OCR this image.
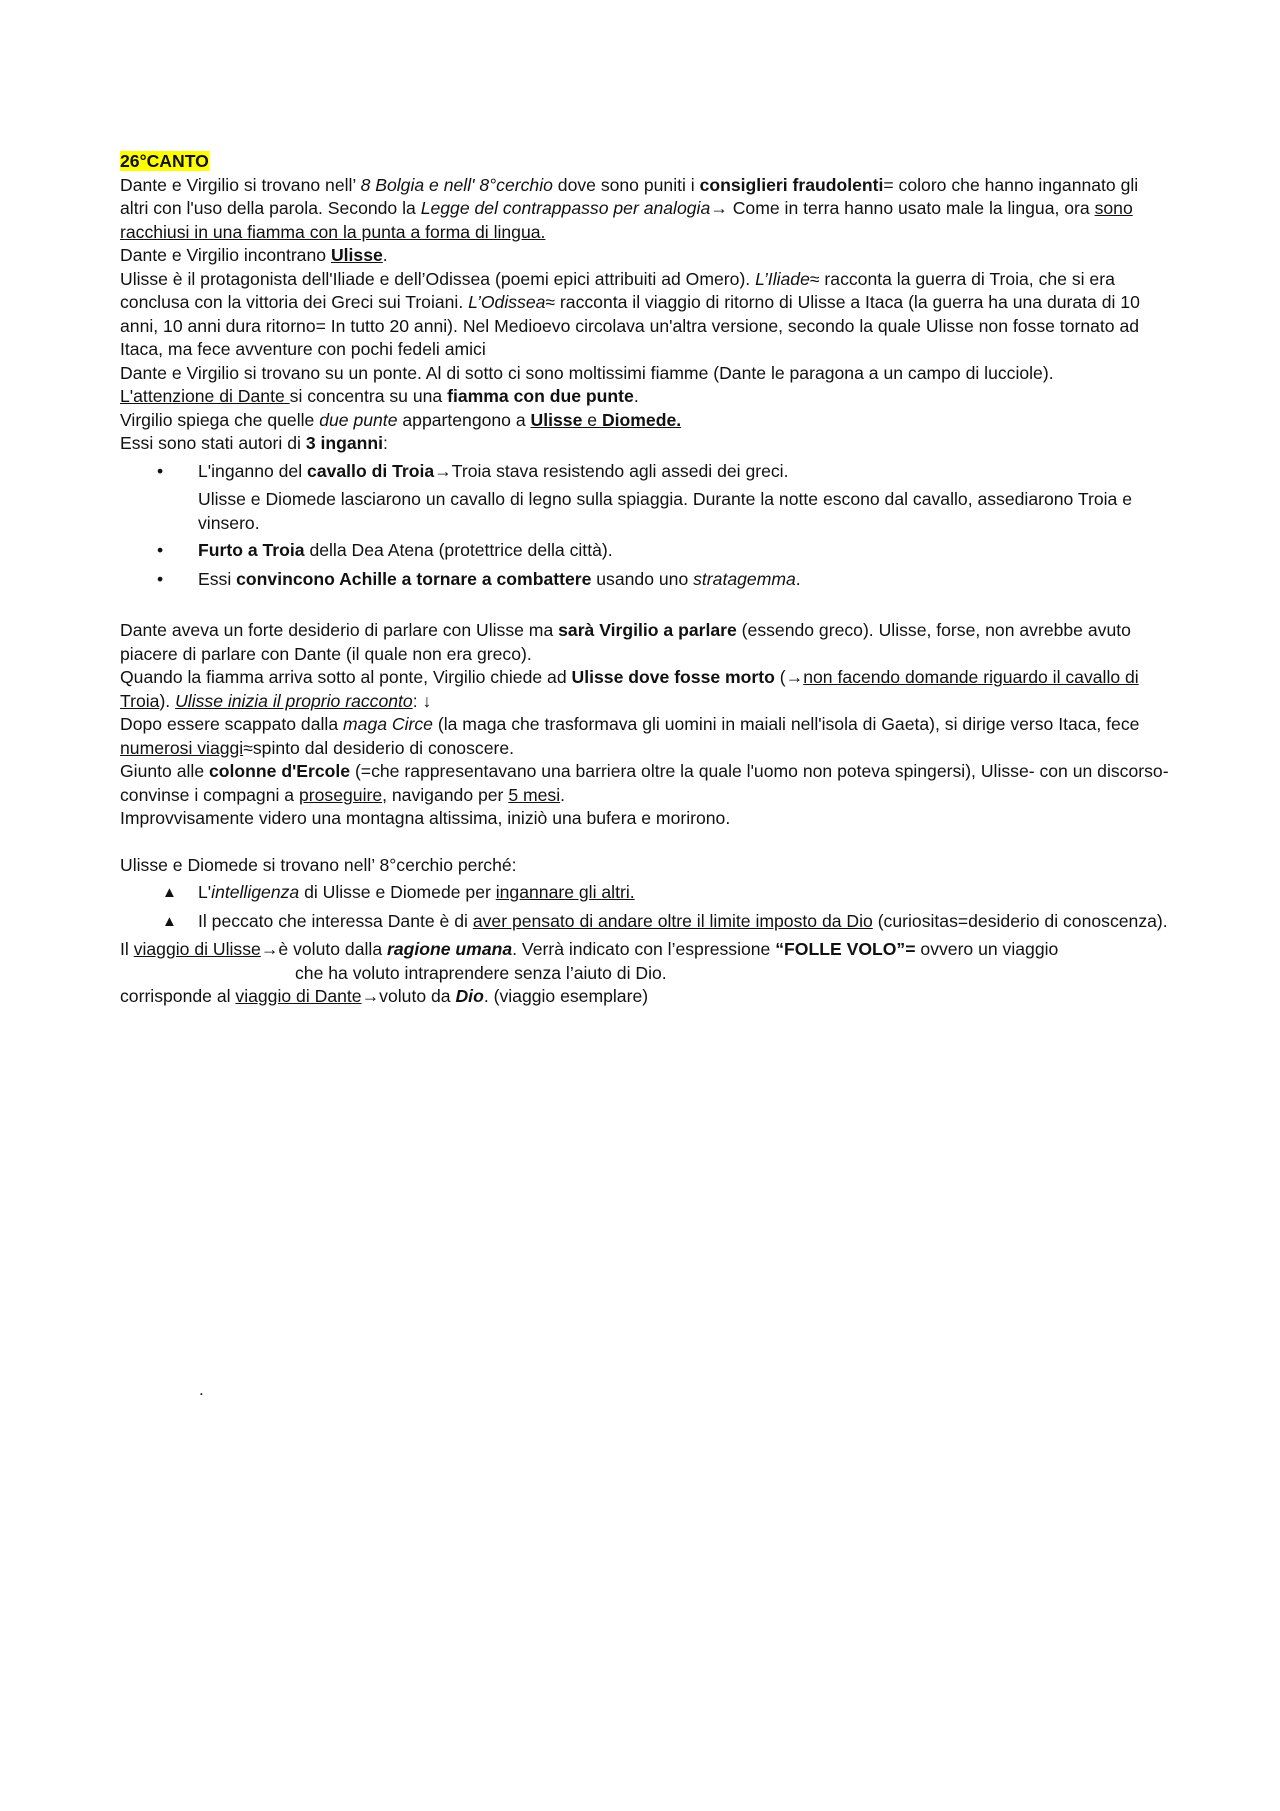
26°CANTO

Dante e Virgilio si trovano nell’ 8 Bolgia e nell' 8°cerchio dove sono puniti i consiglieri fraudolenti= coloro che hanno ingannato gli altri con l'uso della parola. Secondo la Legge del contrappasso per analogia→ Come in terra hanno usato male la lingua, ora sono racchiusi in una fiamma con la punta a forma di lingua.

Dante e Virgilio incontrano Ulisse.

Ulisse è il protagonista dell'Iliade e dell’Odissea (poemi epici attribuiti ad Omero). L’Iliade≈ racconta la guerra di Troia, che si era conclusa con la vittoria dei Greci sui Troiani. L’Odissea≈ racconta il viaggio di ritorno di Ulisse a Itaca (la guerra ha una durata di 10 anni, 10 anni dura ritorno= In tutto 20 anni). Nel Medioevo circolava un'altra versione, secondo la quale Ulisse non fosse tornato ad Itaca, ma fece avventure con pochi fedeli amici

Dante e Virgilio si trovano su un ponte. Al di sotto ci sono moltissimi fiamme (Dante le paragona a un campo di lucciole).

L'attenzione di Dante si concentra su una fiamma con due punte.

Virgilio spiega che quelle due punte appartengono a Ulisse e Diomede.

Essi sono stati autori di 3 inganni:

• L'inganno del cavallo di Troia→Troia stava resistendo agli assedi dei greci.

Ulisse e Diomede lasciarono un cavallo di legno sulla spiaggia. Durante la notte escono dal cavallo, assediarono Troia e vinsero.

• Furto a Troia della Dea Atena (protettrice della città).
• Essi convincono Achille a tornare a combattere usando uno stratagemma.

Dante aveva un forte desiderio di parlare con Ulisse ma sarà Virgilio a parlare (essendo greco). Ulisse, forse, non avrebbe avuto piacere di parlare con Dante (il quale non era greco).

Quando la fiamma arriva sotto al ponte, Virgilio chiede ad Ulisse dove fosse morto (→non facendo domande riguardo il cavallo di Troia). Ulisse inizia il proprio racconto: ↓

Dopo essere scappato dalla maga Circe (la maga che trasformava gli uomini in maiali nell'isola di Gaeta), si dirige verso Itaca, fece numerosi viaggi≈spinto dal desiderio di conoscere.

Giunto alle colonne d'Ercole (=che rappresentavano una barriera oltre la quale l'uomo non poteva spingersi), Ulisse- con un discorso- convinse i compagni a proseguire, navigando per 5 mesi.

Improvvisamente videro una montagna altissima, iniziò una bufera e morirono.

Ulisse e Diomede si trovano nell’ 8°cerchio perché:

▲ L'intelligenza di Ulisse e Diomede per ingannare gli altri.
▲ Il peccato che interessa Dante è di aver pensato di andare oltre il limite imposto da Dio (curiositas=desiderio di conoscenza).

Il viaggio di Ulisse→è voluto dalla ragione umana. Verrà indicato con l’espressione “FOLLE VOLO”= ovvero un viaggio

che ha voluto intraprendere senza l’aiuto di Dio.

corrisponde al viaggio di Dante→voluto da Dio. (viaggio esemplare)

.
